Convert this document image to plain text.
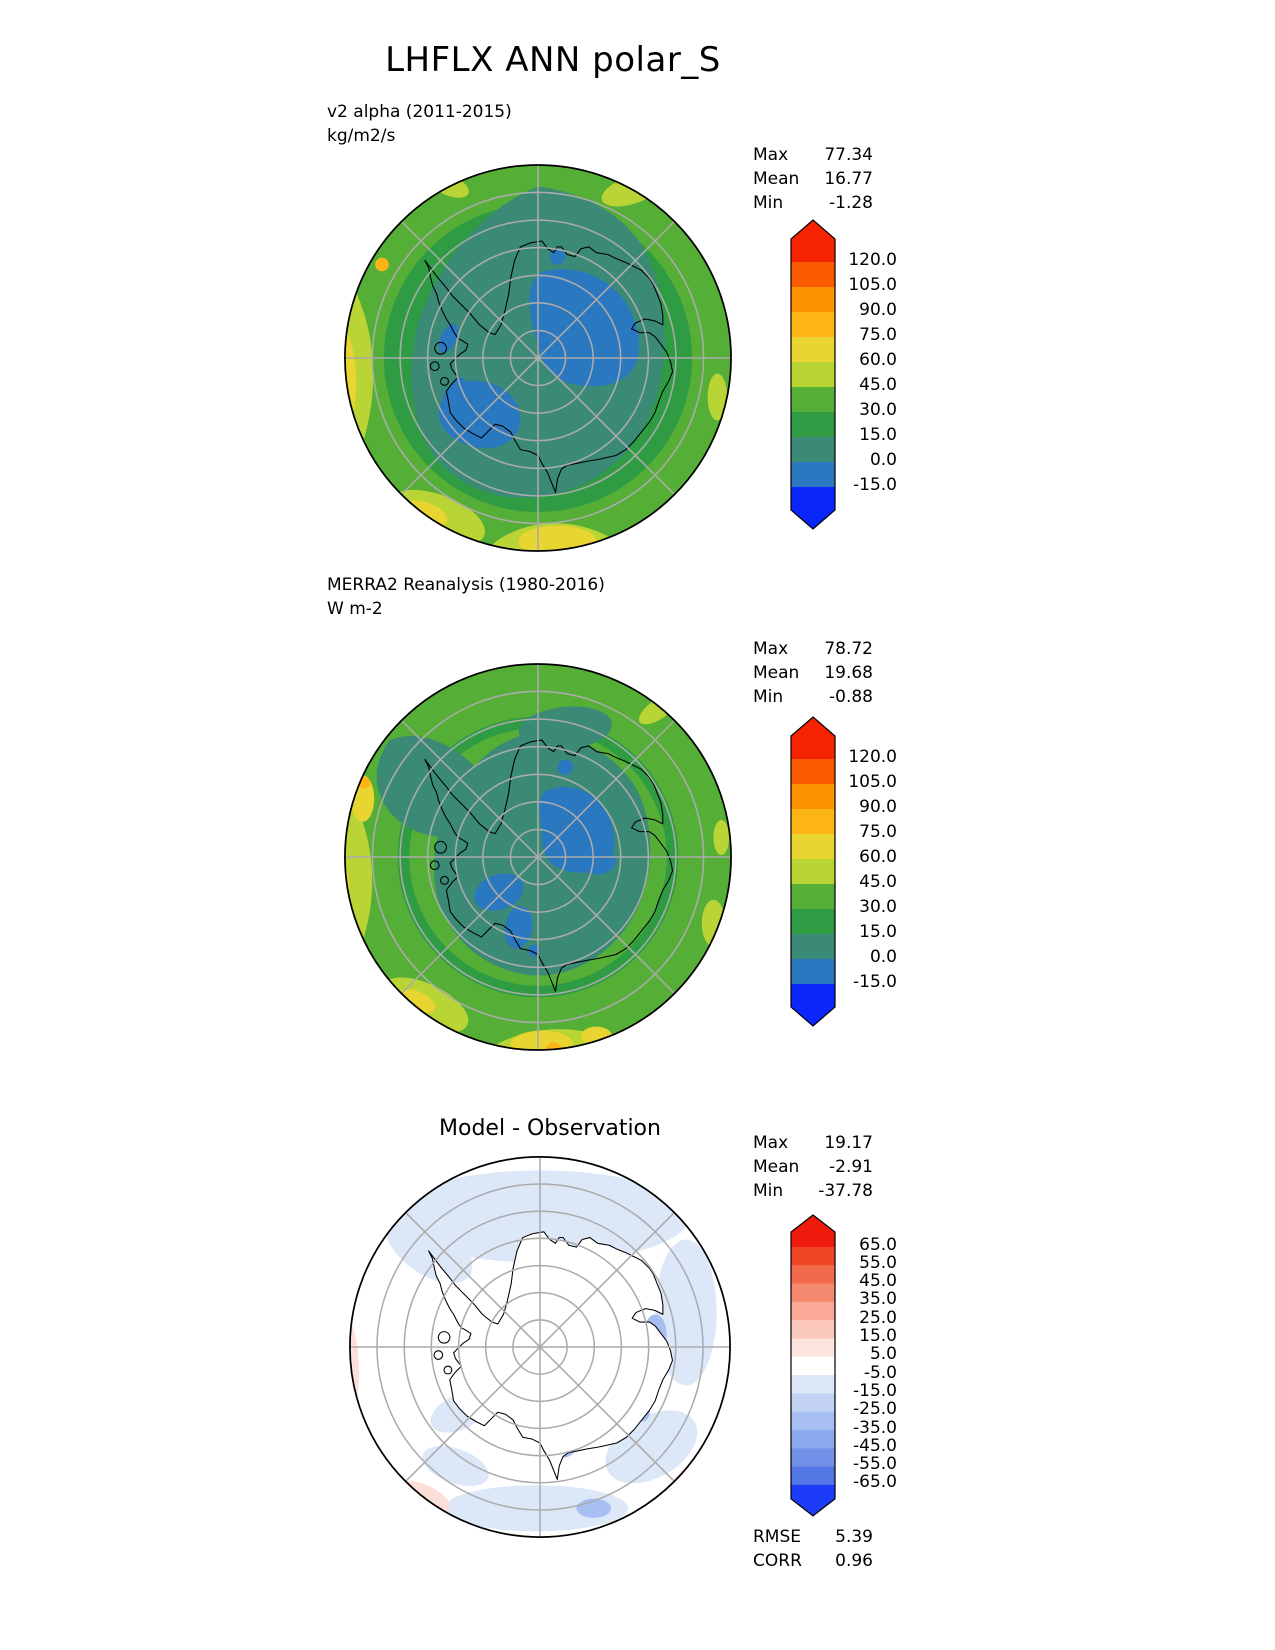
LHFLX ANN polar_S
v2 alpha (2011-2015)
kg/m2/s
Max 77.34
Mean 16.77
Min	-1.28
120.0
105.0
90.0
75.0
60.0
45.0
30.0
15.0
0.0
-15.0
MERRA2 Reanalysis (1980-2016)
W m-2
Max 78.72
Mean 19.68
Min	-0.88
120.0
105.0
90.0
75.0
60.0
45.0
30.0
15.0
0.0
-15.0
Model - Observation
Max 19.17
Mean -2.91
Min -37.78
65.0
55.0
45.0
35.0
25.0
15.0
5.0
-5.0
-15.0
-25.0
-35.0
-45.0
-55.0
-65.0
RMSE 5.39
CORR 0.96
